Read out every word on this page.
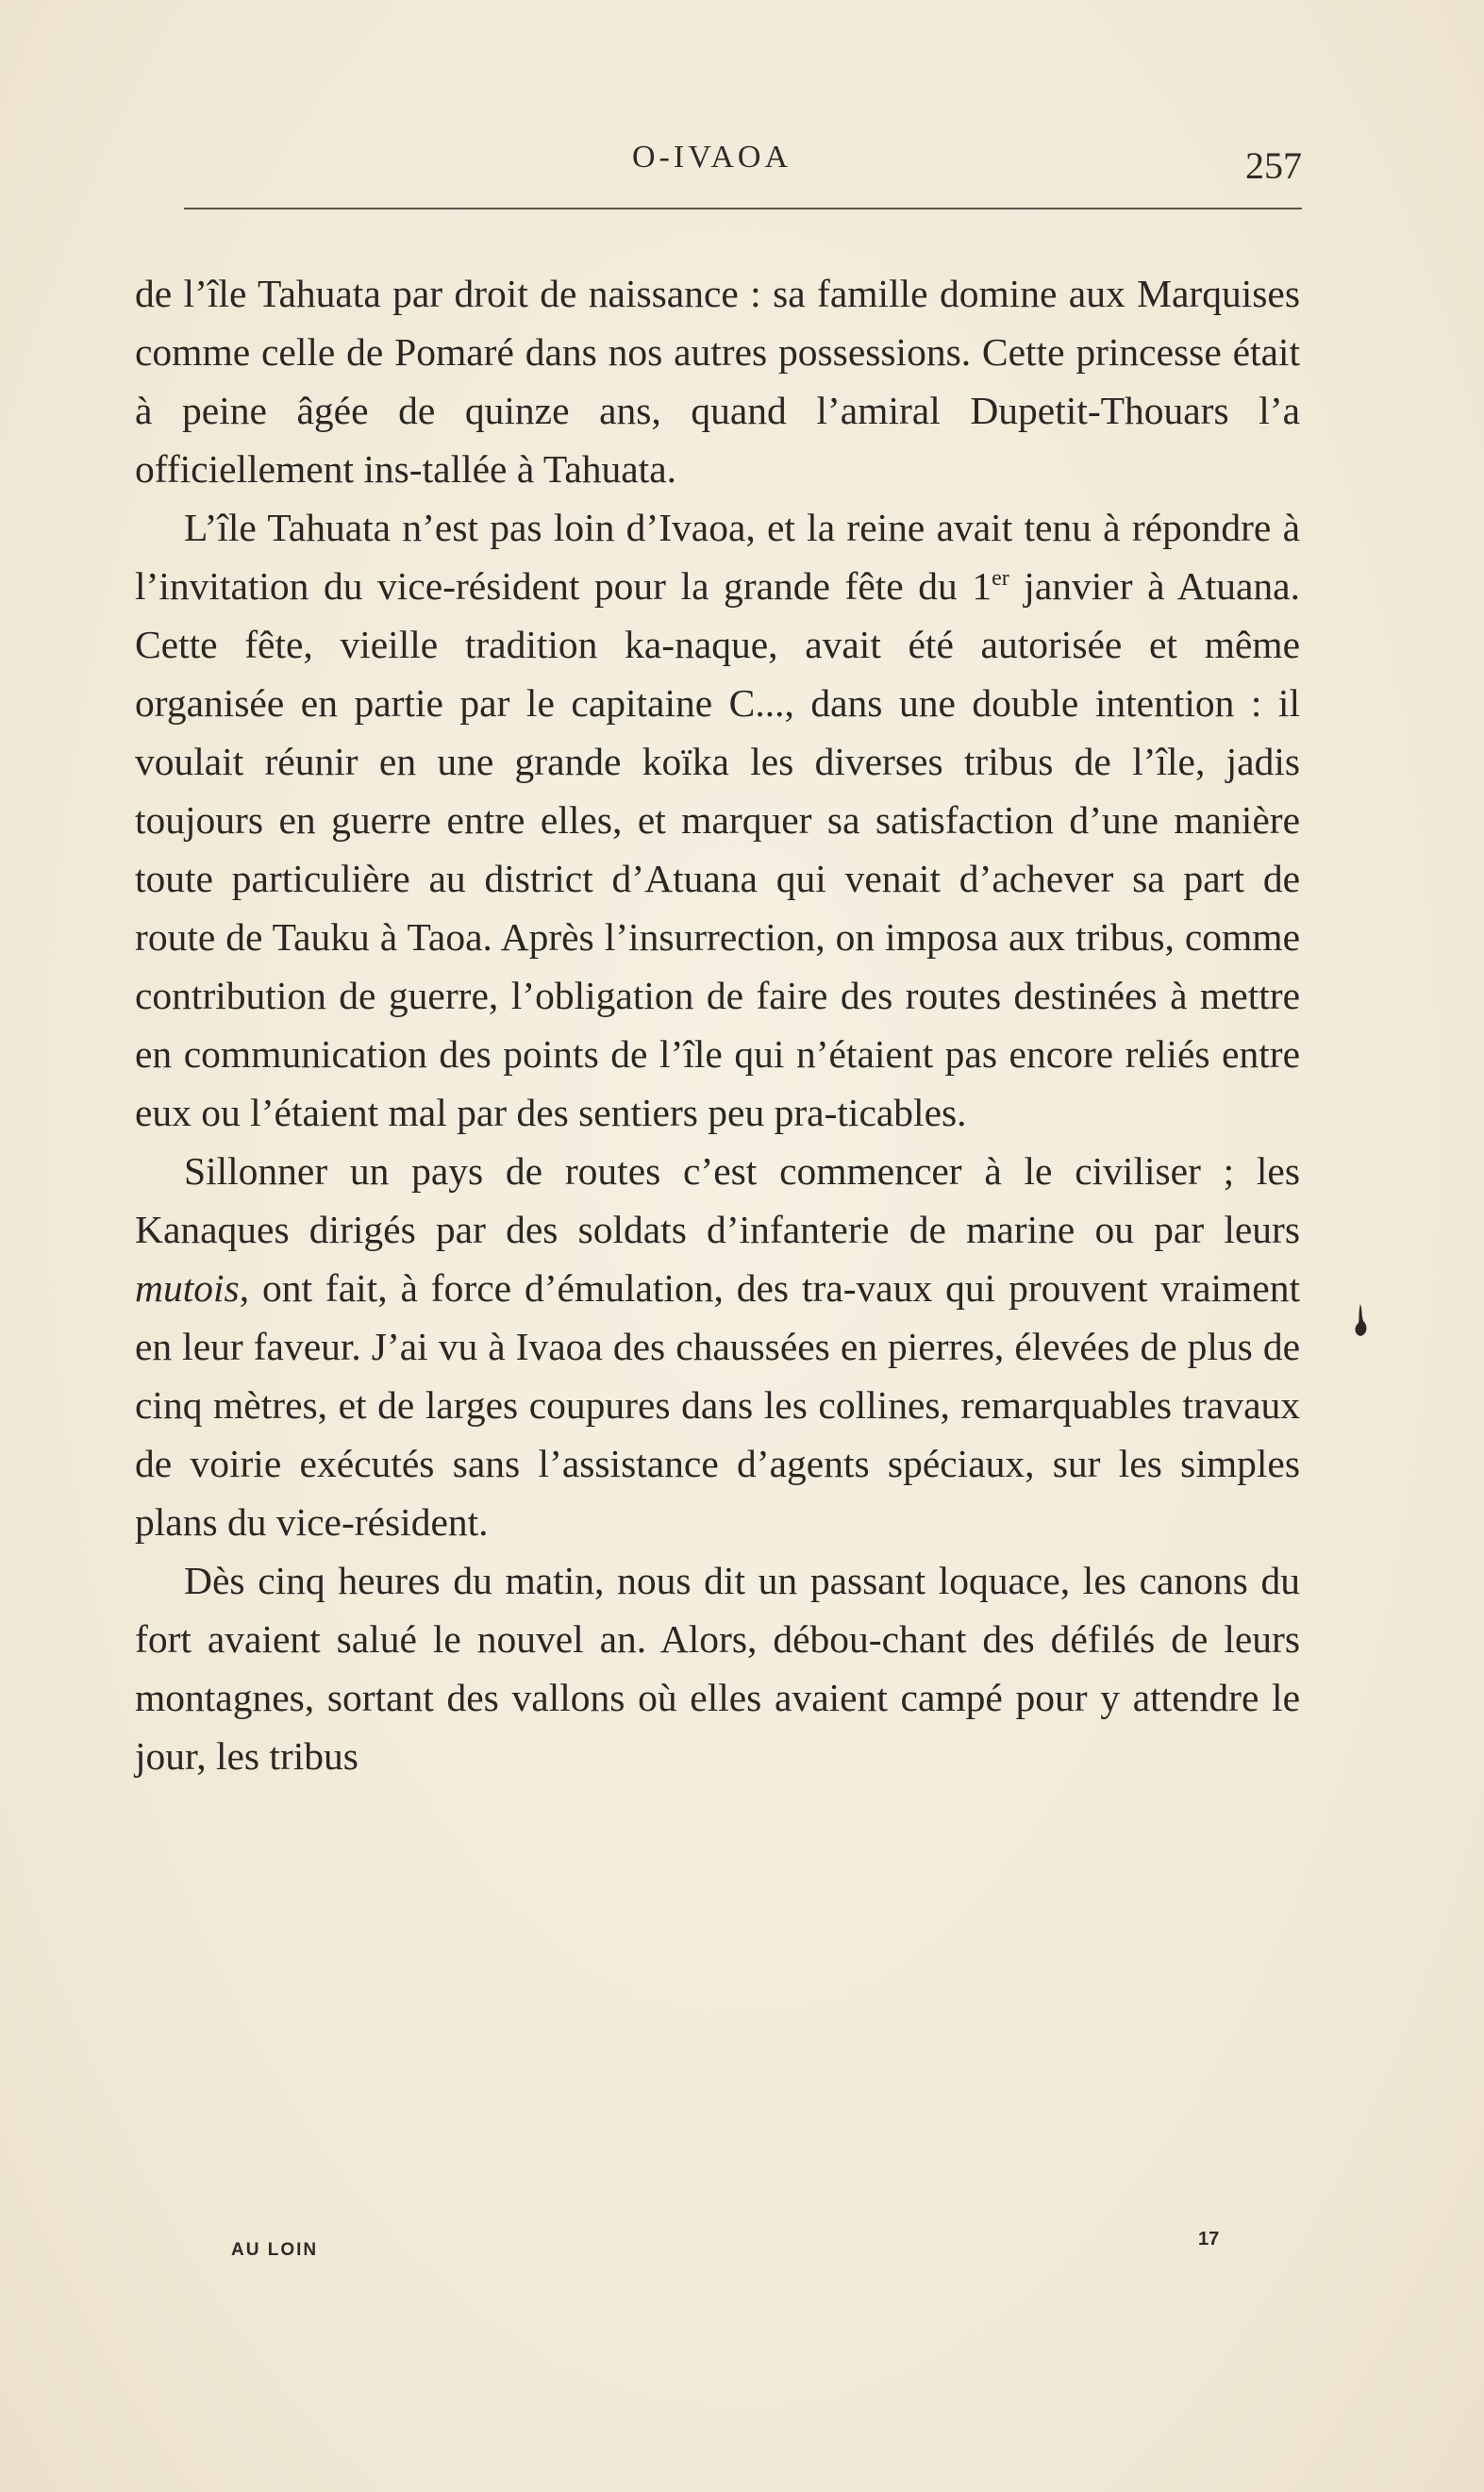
O-IVAOA	257

de l’île Tahuata par droit de naissance : sa famille domine aux Marquises comme celle de Pomaré dans nos autres possessions. Cette princesse était à peine âgée de quinze ans, quand l’amiral Dupetit-Thouars l’a officiellement ins-tallée à Tahuata.

L’île Tahuata n’est pas loin d’Ivaoa, et la reine avait tenu à répondre à l’invitation du vice-résident pour la grande fête du 1er janvier à Atuana. Cette fête, vieille tradition ka-naque, avait été autorisée et même organisée en partie par le capitaine C..., dans une double intention : il voulait réunir en une grande koïka les diverses tribus de l’île, jadis toujours en guerre entre elles, et marquer sa satisfaction d’une manière toute particulière au district d’Atuana qui venait d’achever sa part de route de Tauku à Taoa. Après l’insurrection, on imposa aux tribus, comme contribution de guerre, l’obligation de faire des routes destinées à mettre en communication des points de l’île qui n’étaient pas encore reliés entre eux ou l’étaient mal par des sentiers peu pra-ticables.

Sillonner un pays de routes c’est commencer à le civiliser ; les Kanaques dirigés par des soldats d’infanterie de marine ou par leurs mutois, ont fait, à force d’émulation, des tra-vaux qui prouvent vraiment en leur faveur. J’ai vu à Ivaoa des chaussées en pierres, élevées de plus de cinq mètres, et de larges coupures dans les collines, remarquables travaux de voirie exécutés sans l’assistance d’agents spéciaux, sur les simples plans du vice-résident.

Dès cinq heures du matin, nous dit un passant loquace, les canons du fort avaient salué le nouvel an. Alors, débou-chant des défilés de leurs montagnes, sortant des vallons où elles avaient campé pour y attendre le jour, les tribus

AU LOIN
17
